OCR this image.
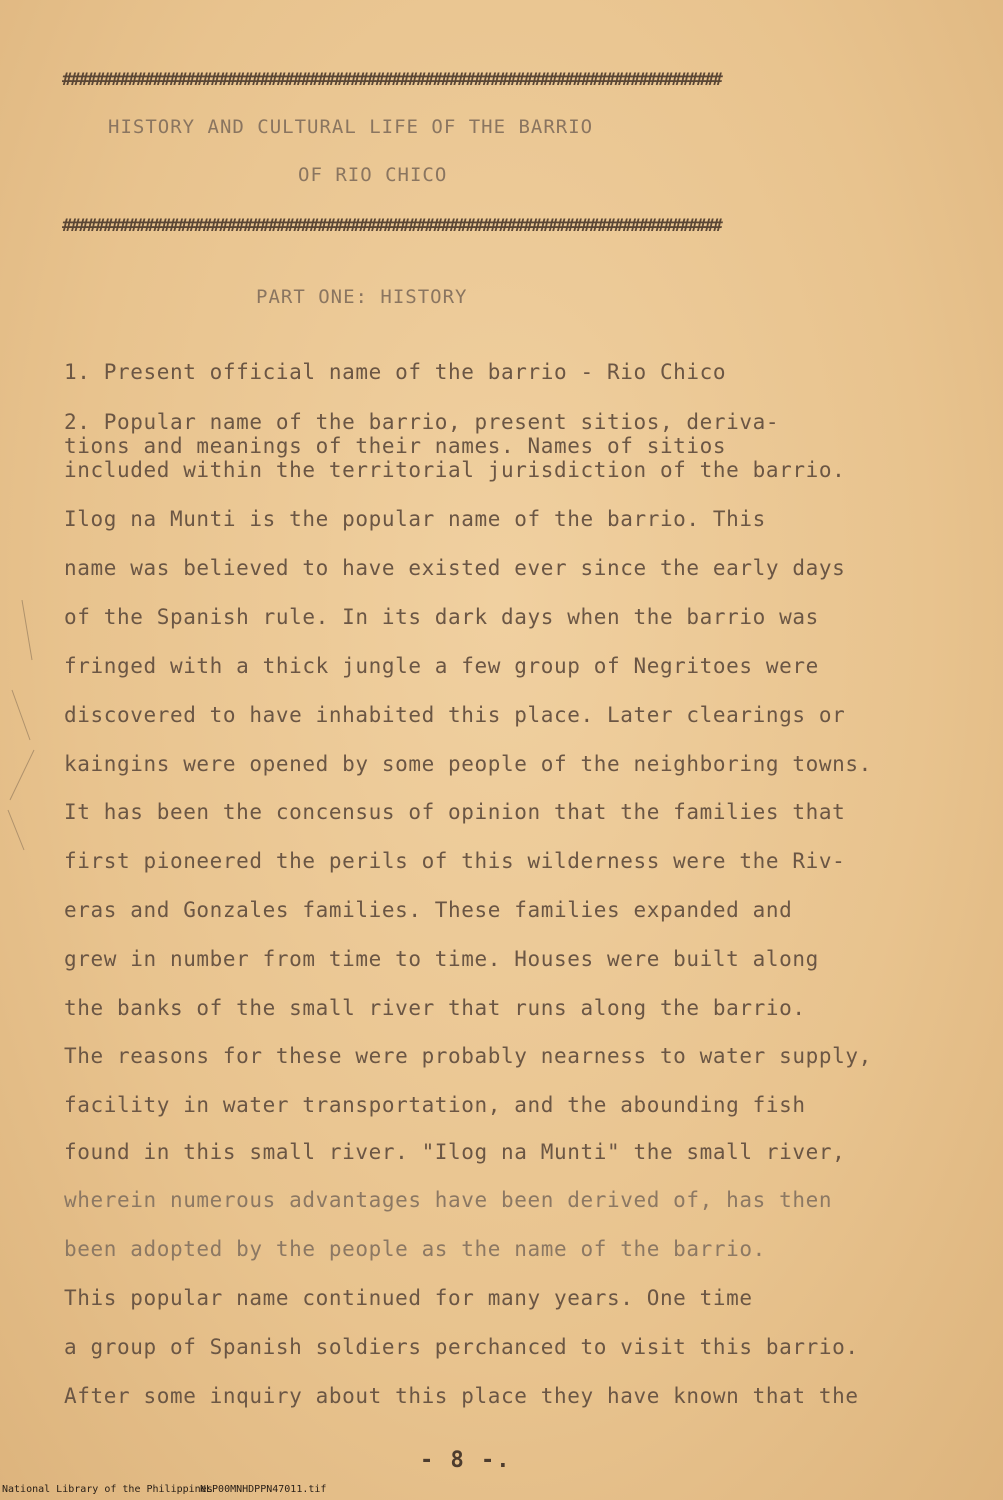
################################################################################
HISTORY AND CULTURAL LIFE OF THE BARRIO
OF RIO CHICO
################################################################################
PART ONE: HISTORY
1. Present official name of the barrio - Rio Chico
2. Popular name of the barrio, present sitios, deriva-
tions and meanings of their names. Names of sitios
included within the territorial jurisdiction of the barrio.
Ilog na Munti is the popular name of the barrio. This
name was believed to have existed ever since the early days
of the Spanish rule. In its dark days when the barrio was
fringed with a thick jungle a few group of Negritoes were
discovered to have inhabited this place. Later clearings or
kaingins were opened by some people of the neighboring towns.
It has been the concensus of opinion that the families that
first pioneered the perils of this wilderness were the Riv-
eras and Gonzales families. These families expanded and
grew in number from time to time. Houses were built along
the banks of the small river that runs along the barrio.
The reasons for these were probably nearness to water supply,
facility in water transportation, and the abounding fish
found in this small river. "Ilog na Munti" the small river,
wherein numerous advantages have been derived of, has then
been adopted by the people as the name of the barrio.
This popular name continued for many years. One time
a group of Spanish soldiers perchanced to visit this barrio.
After some inquiry about this place they have known that the
- 8 -.
National Library of the Philippines
NLP00MNHDPPN47011.tif
